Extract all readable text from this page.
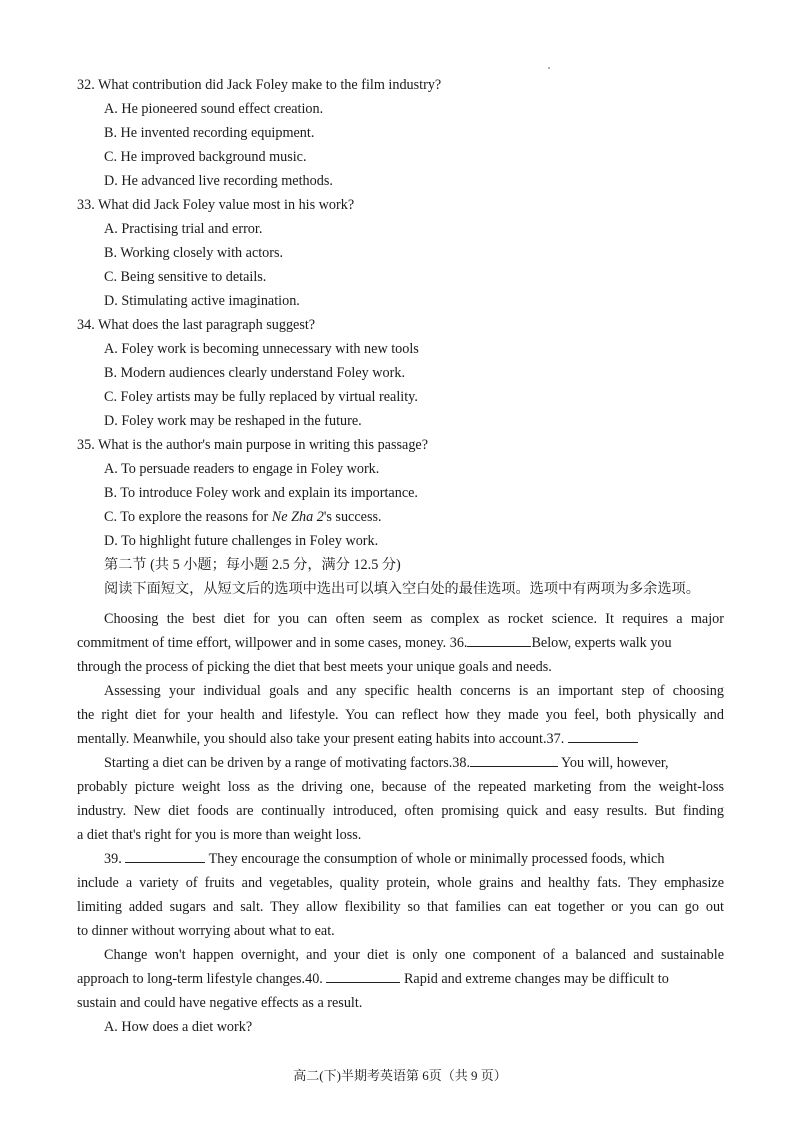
32. What contribution did Jack Foley make to the film industry?
A. He pioneered sound effect creation.
B. He invented recording equipment.
C. He improved background music.
D. He advanced live recording methods.
33. What did Jack Foley value most in his work?
A. Practising trial and error.
B. Working closely with actors.
C. Being sensitive to details.
D. Stimulating active imagination.
34. What does the last paragraph suggest?
A. Foley work is becoming unnecessary with new tools
B. Modern audiences clearly understand Foley work.
C. Foley artists may be fully replaced by virtual reality.
D. Foley work may be reshaped in the future.
35. What is the author's main purpose in writing this passage?
A. To persuade readers to engage in Foley work.
B. To introduce Foley work and explain its importance.
C. To explore the reasons for Ne Zha 2's success.
D. To highlight future challenges in Foley work.
第二节 (共 5 小题；每小题 2.5 分，满分 12.5 分)
阅读下面短文，从短文后的选项中选出可以填入空白处的最佳选项。选项中有两项为多余选项。
Choosing the best diet for you can often seem as complex as rocket science. It requires a major
commitment of time effort, willpower and in some cases, money. 36.	Below, experts walk you
through the process of picking the diet that best meets your unique goals and needs.
Assessing your individual goals and any specific health concerns is an important step of choosing
the right diet for your health and lifestyle. You can reflect how they made you feel, both physically and
mentally. Meanwhile, you should also take your present eating habits into account.37.
Starting a diet can be driven by a range of motivating factors.38.	You will, however,
probably picture weight loss as the driving one, because of the repeated marketing from the weight-loss
industry. New diet foods are continually introduced, often promising quick and easy results. But finding
a diet that's right for you is more than weight loss.
39.	They encourage the consumption of whole or minimally processed foods, which
include a variety of fruits and vegetables, quality protein, whole grains and healthy fats. They emphasize
limiting added sugars and salt. They allow flexibility so that families can eat together or you can go out
to dinner without worrying about what to eat.
Change won't happen overnight, and your diet is only one component of a balanced and sustainable
approach to long-term lifestyle changes.40.	Rapid and extreme changes may be difficult to
sustain and could have negative effects as a result.
A. How does a diet work?
高二(下)半期考英语第 6页（共 9 页）
